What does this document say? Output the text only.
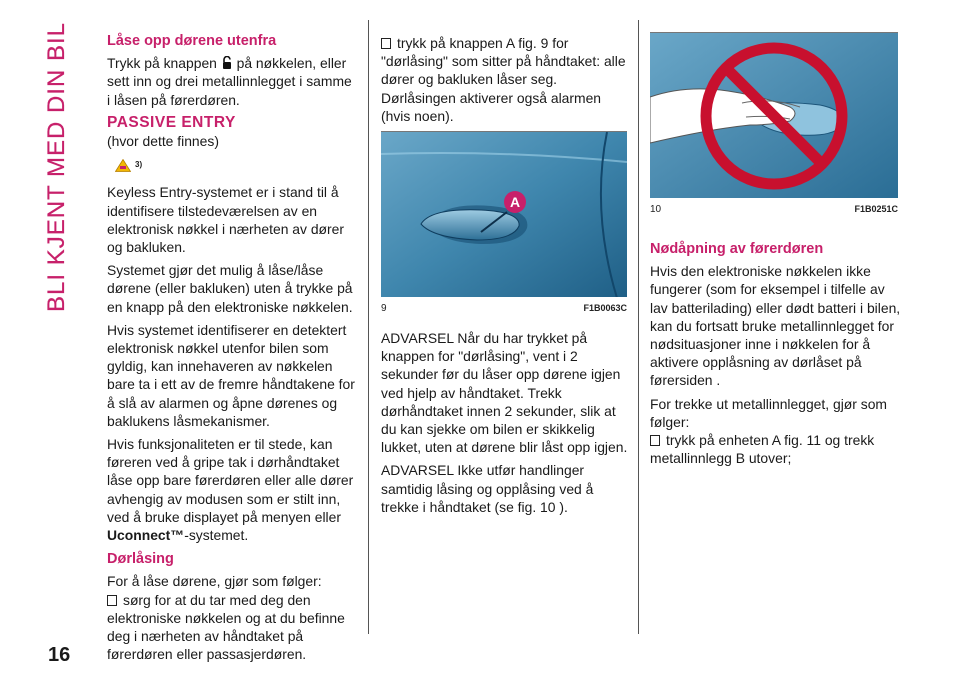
BLI KJENT MED DIN BIL
16
Låse opp dørene utenfra

Trykk på knappen på nøkkelen, eller sett inn og drei metallinnlegget i samme i låsen på førerdøren.

PASSIVE ENTRY
(hvor dette finnes)
3)

Keyless Entry-systemet er i stand til å identifisere tilstedeværelsen av en elektronisk nøkkel i nærheten av dører og bakluken.

Systemet gjør det mulig å låse/låse dørene (eller bakluken) uten å trykke på en knapp på den elektroniske nøkkelen.

Hvis systemet identifiserer en detektert elektronisk nøkkel utenfor bilen som gyldig, kan innehaveren av nøkkelen bare ta i ett av de fremre håndtakene for å slå av alarmen og åpne dørenes og baklukens låsmekanismer.

Hvis funksjonaliteten er til stede, kan føreren ved å gripe tak i dørhåndtaket låse opp bare førerdøren eller alle dører avhengig av modusen som er stilt inn, ved å bruke displayet på menyen eller Uconnect™-systemet.

Dørlåsing
For å låse dørene, gjør som følger:
sørg for at du tar med deg den elektroniske nøkkelen og at du befinne deg i nærheten av håndtaket på førerdøren eller passasjerdøren.
trykk på knappen A fig. 9 for "dørlåsing" som sitter på håndtaket: alle dører og bakluken låser seg. Dørlåsingen aktiverer også alarmen (hvis noen).
A
9	F1B0063C

ADVARSEL Når du har trykket på knappen for "dørlåsing", vent i 2 sekunder før du låser opp dørene igjen ved hjelp av håndtaket. Trekk dørhåndtaket innen 2 sekunder, slik at du kan sjekke om bilen er skikkelig lukket, uten at dørene blir låst opp igjen.

ADVARSEL Ikke utfør handlinger samtidig låsing og opplåsing ved å trekke i håndtaket (se fig. 10 ).

10	F1B0251C
Nødåpning av førerdøren

Hvis den elektroniske nøkkelen ikke fungerer (som for eksempel i tilfelle av lav batterilading) eller dødt batteri i bilen, kan du fortsatt bruke metallinnlegget for nødsituasjoner inne i nøkkelen for å aktivere opplåsning av dørlåset på førersiden .

For trekke ut metallinnlegget, gjør som følger:
trykk på enheten A fig. 11 og trekk metallinnlegg B utover;
